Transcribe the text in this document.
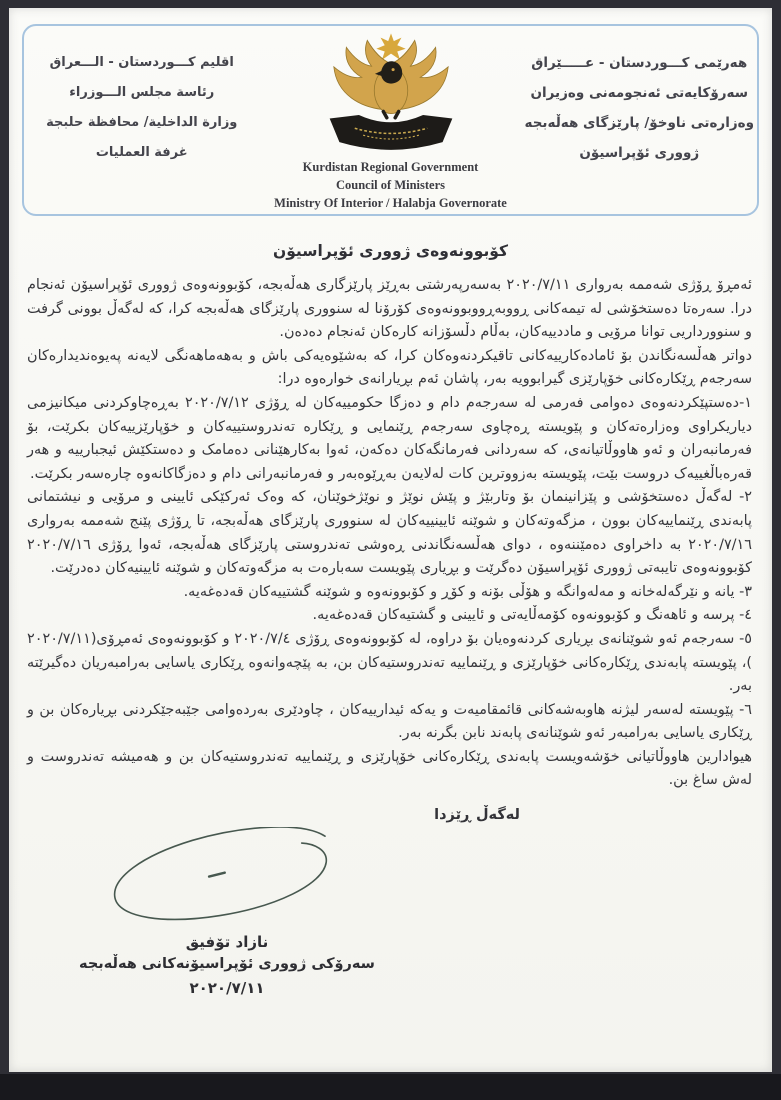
اقليم كـــوردستان - الـــعراق
رئاسة مجلس الـــوزراء
وزارة الداخلية/ محافظة حلبجة
غرفة العمليات
Kurdistan Regional Government
Council of Ministers
Ministry Of Interior / Halabja Governorate
هەرێمی کـــوردستان - عـــــێراق
سەرۆکایەتی ئەنجومەنی وەزیران
وەزارەتی ناوخۆ/ پارێزگای هەڵەبجە
ژووری ئۆپراسیۆن
کۆبوونەوەی ژووری ئۆپراسیۆن

ئەمڕۆ ڕۆژی شەممە بەرواری ٢٠٢٠/٧/١١ بەسەرپەرشتی بەڕێز پارێزگاری هەڵەبجە، کۆبوونەوەی ژووری ئۆپراسیۆن ئەنجام درا. سەرەتا دەستخۆشی لە تیمەکانی ڕووبەڕووبوونەوەی کۆرۆنا لە سنووری پارێزگای هەڵەبجە کرا، کە لەگەڵ بوونی گرفت و سنوورداریی توانا مرۆیی و ماددییەکان، بەڵام دڵسۆزانە کارەکان ئەنجام دەدەن.

دواتر هەڵسەنگاندن بۆ ئامادەکارییەکانی تاقیکردنەوەکان کرا، کە بەشێوەیەکی باش و بەهەماهەنگی لایەنە پەیوەندیدارەکان سەرجەم ڕێکارەکانی خۆپارێزی گیرابوویە بەر، پاشان ئەم بڕیارانەی خوارەوە درا:

١-دەستپێکردنەوەی دەوامی فەرمی لە سەرجەم دام و دەزگا حکومییەکان لە ڕۆژی ٢٠٢٠/٧/١٢ بەڕەچاوکردنی میکانیزمی دیاریکراوی وەزارەتەکان و پێویستە ڕەچاوی سەرجەم ڕێنمایی و ڕێکارە تەندروستییەکان و خۆپارێزییەکان بکرێت، بۆ فەرمانبەران و ئەو هاووڵاتیانەی، کە سەردانی فەرمانگەکان دەکەن، ئەوا بەکارهێنانی دەمامک و دەستکێش ئیجبارییە و هەر قەرەباڵغییەک دروست بێت، پێویستە بەزووترین کات لەلایەن بەڕێوەبەر و فەرمانبەرانی دام و دەزگاکانەوە چارەسەر بکرێت.

٢- لەگەڵ دەستخۆشی و پێزانینمان بۆ وتاربێژ و پێش نوێژ و نوێژخوێنان، کە وەک ئەرکێکی ئایینی و مرۆیی و نیشتمانی پابەندی ڕێنماییەکان بوون ، مزگەوتەکان و شوێنە ئایینییەکان لە سنووری پارێزگای هەڵەبجە، تا ڕۆژی پێنج شەممە بەرواری ٢٠٢٠/٧/١٦ بە داخراوی دەمێننەوە ، دوای هەڵسەنگاندنی ڕەوشی تەندروستی پارێزگای هەڵەبجە، ئەوا ڕۆژی ٢٠٢٠/٧/١٦ کۆبوونەوەی تایبەتی ژووری ئۆپراسیۆن دەگرێت و بڕیاری پێویست سەبارەت بە مزگەوتەکان و شوێنە ئایینیەکان دەدرێت.

٣- یانە و نێرگەلەخانە و مەلەوانگە و هۆڵی بۆنە و کۆڕ و کۆبوونەوە و شوێنە گشتییەکان قەدەغەیە.

٤- پرسە و ئاهەنگ و کۆبوونەوە کۆمەڵایەتی و ئایینی و گشتیەکان قەدەغەیە.

٥- سەرجەم ئەو شوێنانەی بڕیاری کردنەوەیان بۆ دراوە، لە کۆبوونەوەی ڕۆژی ٢٠٢٠/٧/٤ و کۆبوونەوەی ئەمڕۆی(٢٠٢٠/٧/١١ )، پێویستە پابەندی ڕێکارەکانی خۆپارێزی و ڕێنماییە تەندروستیەکان بن، بە پێچەوانەوە ڕێکاری یاسایی بەرامبەریان دەگیرێتە بەر.

٦- پێویستە لەسەر لیژنە هاوبەشەکانی قائمقامیەت و یەکە ئیدارییەکان ، چاودێری بەردەوامی جێبەجێکردنی بڕیارەکان بن و ڕێکاری یاسایی بەرامبەر ئەو شوێنانەی پابەند نابن بگرنە بەر.

هیوادارین هاووڵاتیانی خۆشەویست پابەندی ڕێکارەکانی خۆپارێزی و ڕێنماییە تەندروستیەکان بن و هەمیشە تەندروست و لەش ساغ بن.

لەگەڵ ڕێزدا
نازاد تۆفیق
سەرۆکی ژووری ئۆپراسیۆنەکانی هەڵەبجە
٢٠٢٠/٧/١١
